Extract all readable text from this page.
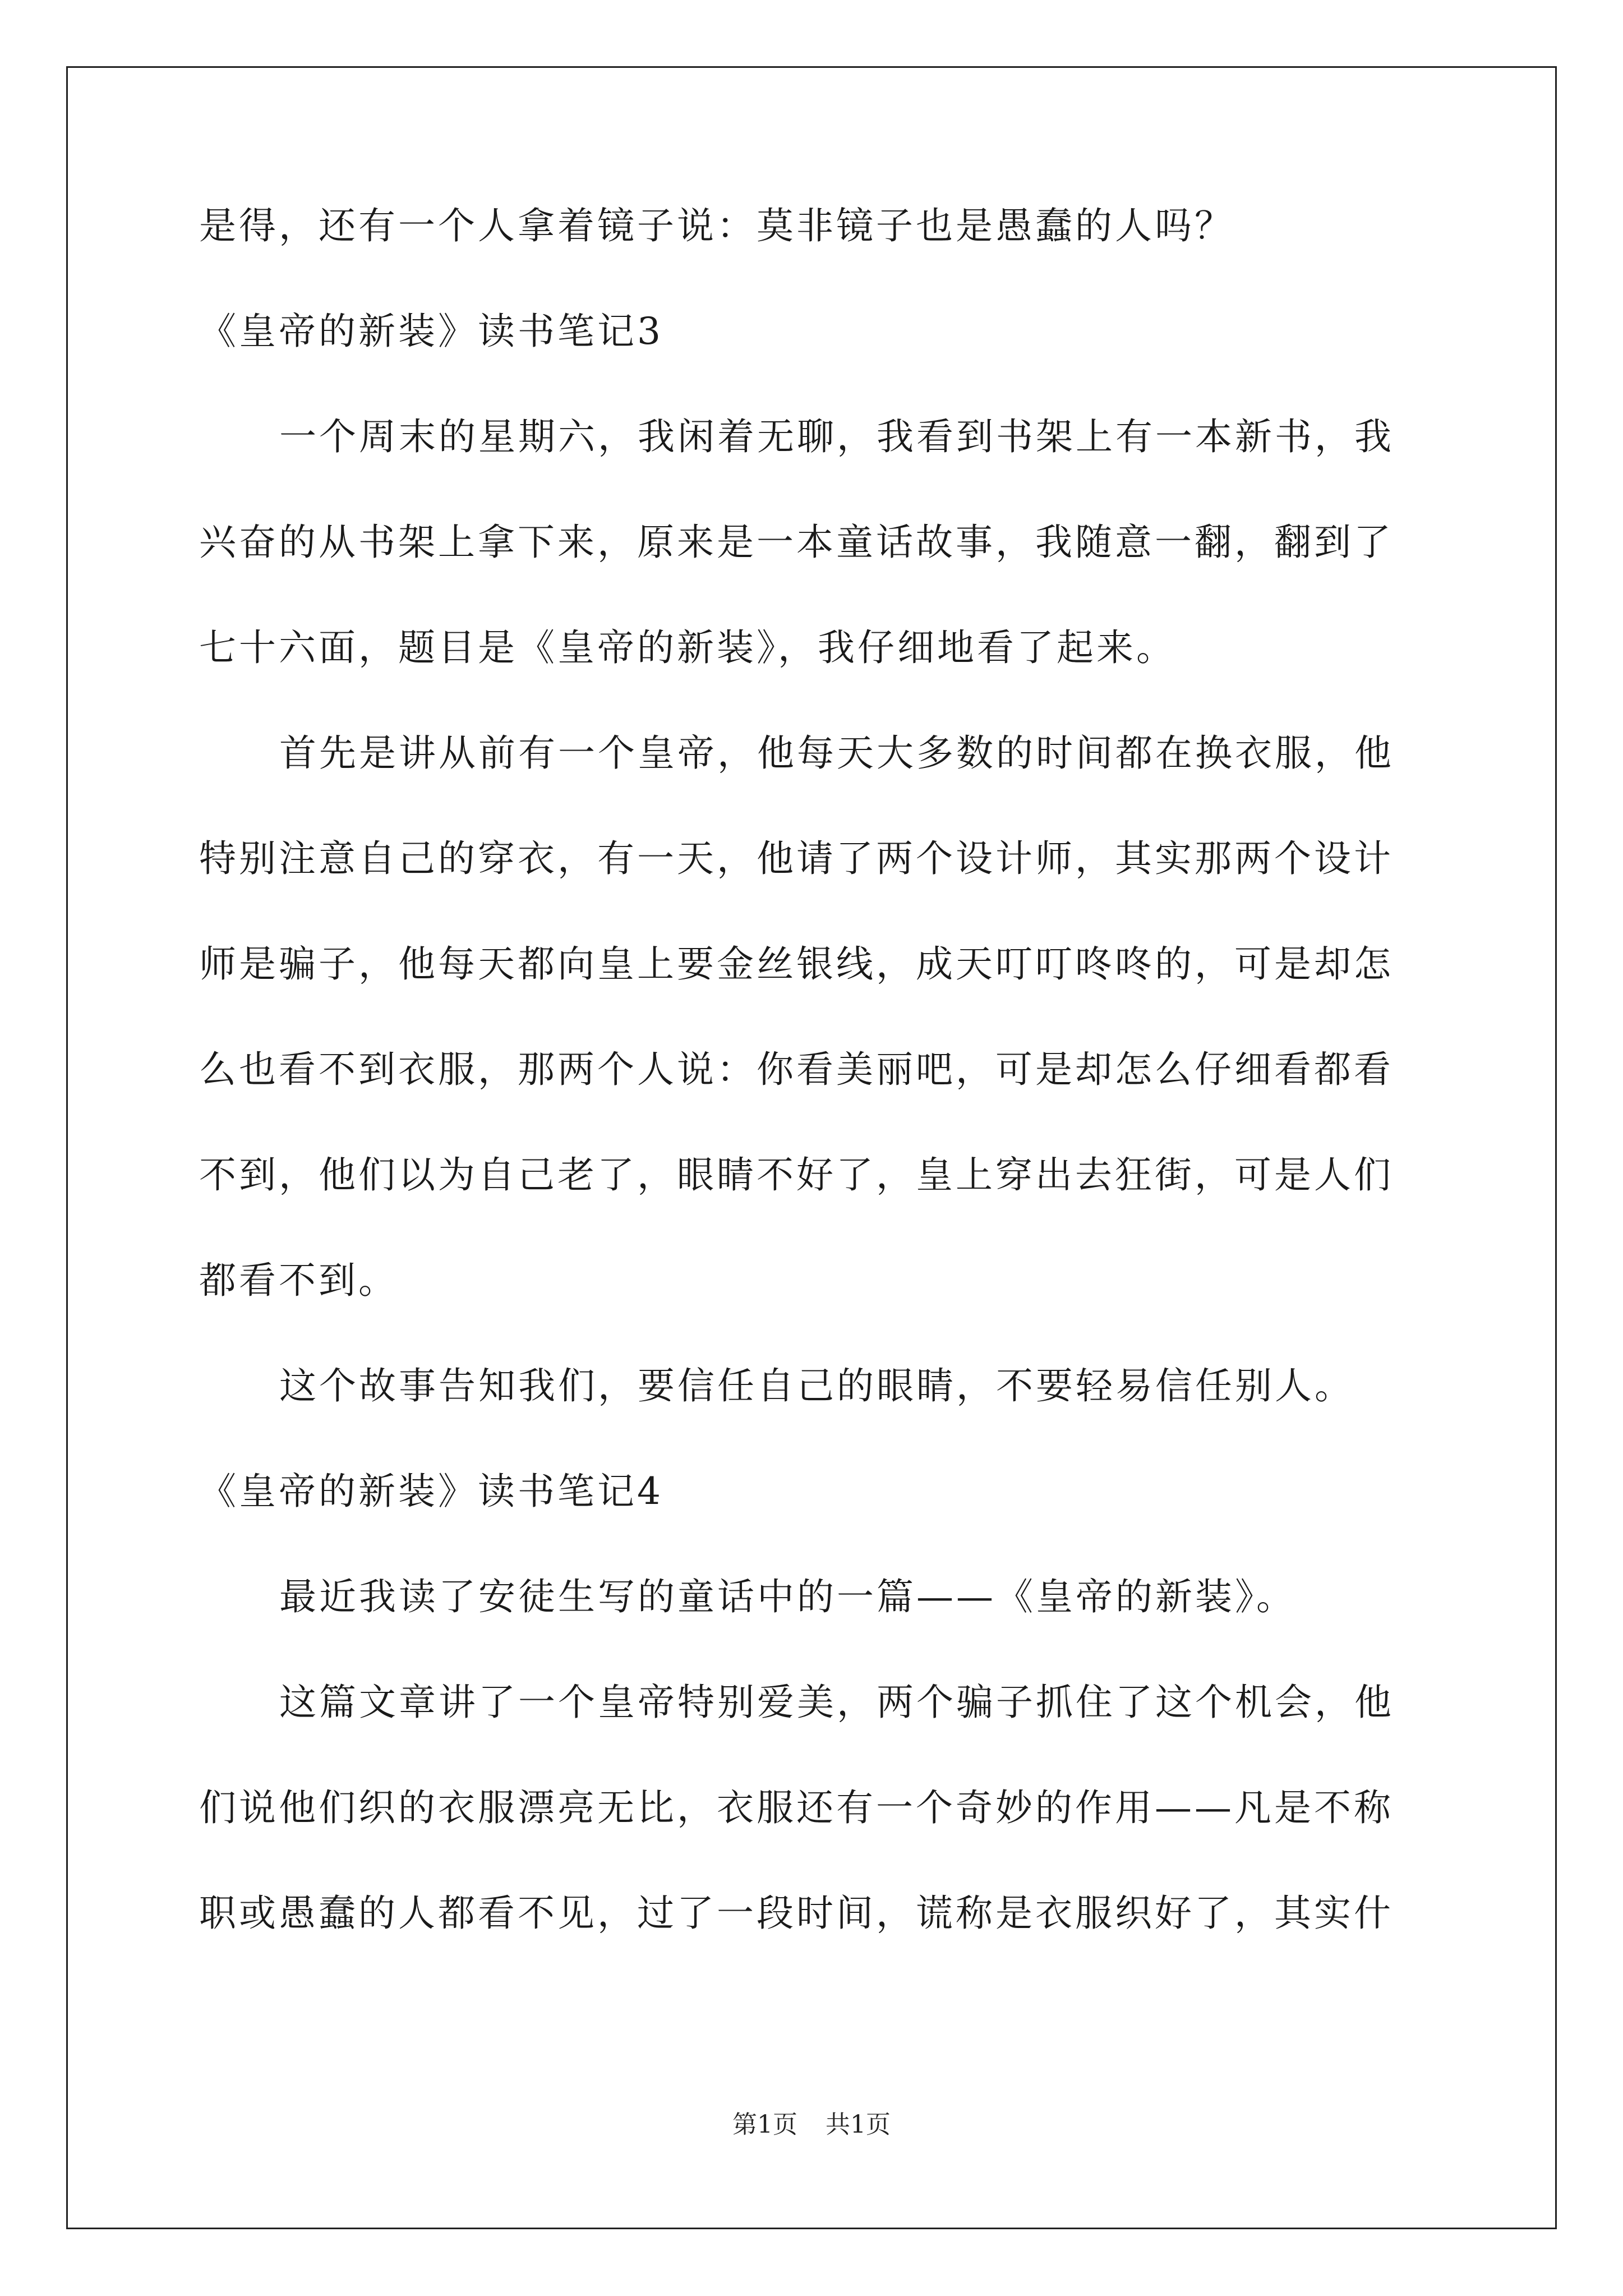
是得，还有一个人拿着镜子说：莫非镜子也是愚蠢的人吗？
《皇帝的新装》读书笔记3
一个周末的星期六，我闲着无聊，我看到书架上有一本新书，我
兴奋的从书架上拿下来，原来是一本童话故事，我随意一翻，翻到了
七十六面，题目是《皇帝的新装》，我仔细地看了起来。
首先是讲从前有一个皇帝，他每天大多数的时间都在换衣服，他
特别注意自己的穿衣，有一天，他请了两个设计师，其实那两个设计
师是骗子，他每天都向皇上要金丝银线，成天叮叮咚咚的，可是却怎
么也看不到衣服，那两个人说：你看美丽吧，可是却怎么仔细看都看
不到，他们以为自己老了，眼睛不好了，皇上穿出去狂街，可是人们
都看不到。
这个故事告知我们，要信任自己的眼睛，不要轻易信任别人。
《皇帝的新装》读书笔记4
最近我读了安徒生写的童话中的一篇——《皇帝的新装》。
这篇文章讲了一个皇帝特别爱美，两个骗子抓住了这个机会，他
们说他们织的衣服漂亮无比，衣服还有一个奇妙的作用——凡是不称
职或愚蠢的人都看不见，过了一段时间，谎称是衣服织好了，其实什
第1页 共1页
